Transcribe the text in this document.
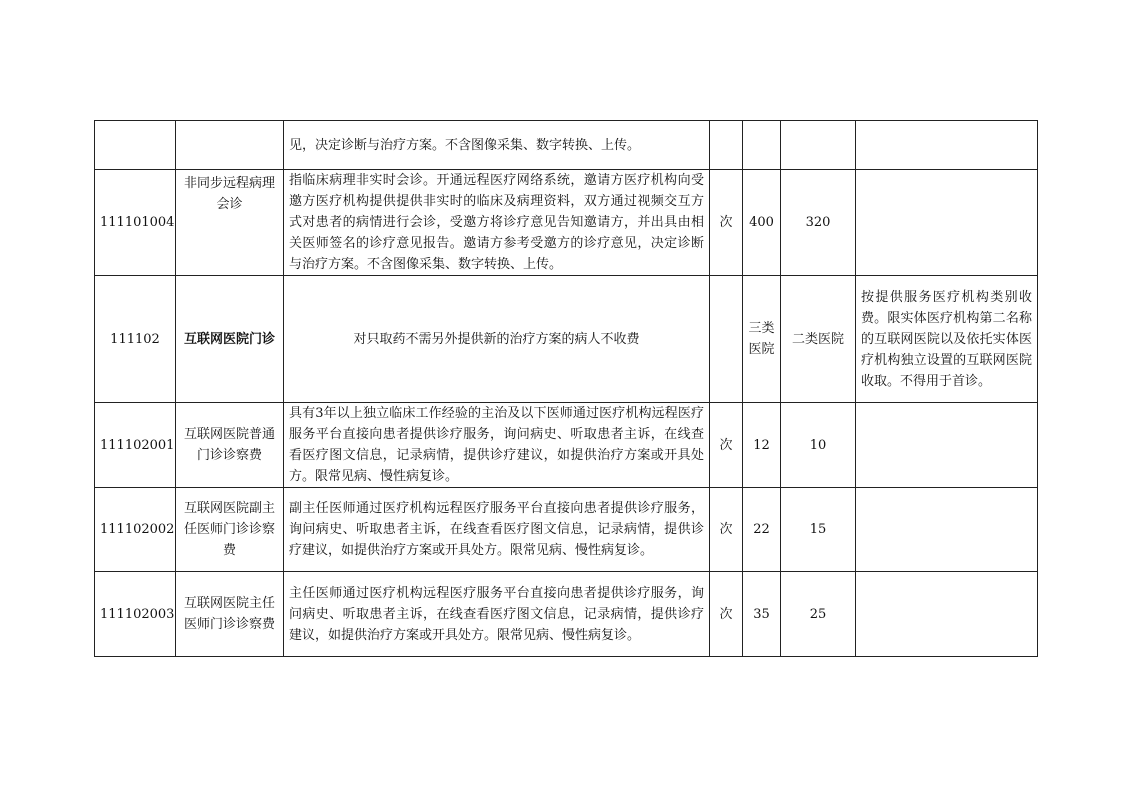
		见，决定诊断与治疗方案。不含图像采集、数字转换、上传。				
111101004	非同步远程病理会诊	指临床病理非实时会诊。开通远程医疗网络系统，邀请方医疗机构向受邀方医疗机构提供提供非实时的临床及病理资料，双方通过视频交互方式对患者的病情进行会诊，受邀方将诊疗意见告知邀请方，并出具由相关医师签名的诊疗意见报告。邀请方参考受邀方的诊疗意见，决定诊断与治疗方案。不含图像采集、数字转换、上传。	次	400	320	
111102	互联网医院门诊	对只取药不需另外提供新的治疗方案的病人不收费		三类医院	二类医院	按提供服务医疗机构类别收费。限实体医疗机构第二名称的互联网医院以及依托实体医疗机构独立设置的互联网医院收取。不得用于首诊。
111102001	互联网医院普通门诊诊察费	具有3年以上独立临床工作经验的主治及以下医师通过医疗机构远程医疗服务平台直接向患者提供诊疗服务，询问病史、听取患者主诉，在线查看医疗图文信息，记录病情，提供诊疗建议，如提供治疗方案或开具处方。限常见病、慢性病复诊。	次	12	10	
111102002	互联网医院副主任医师门诊诊察费	副主任医师通过医疗机构远程医疗服务平台直接向患者提供诊疗服务，询问病史、听取患者主诉，在线查看医疗图文信息，记录病情，提供诊疗建议，如提供治疗方案或开具处方。限常见病、慢性病复诊。	次	22	15	
111102003	互联网医院主任医师门诊诊察费	主任医师通过医疗机构远程医疗服务平台直接向患者提供诊疗服务，询问病史、听取患者主诉，在线查看医疗图文信息，记录病情，提供诊疗建议，如提供治疗方案或开具处方。限常见病、慢性病复诊。	次	35	25	
